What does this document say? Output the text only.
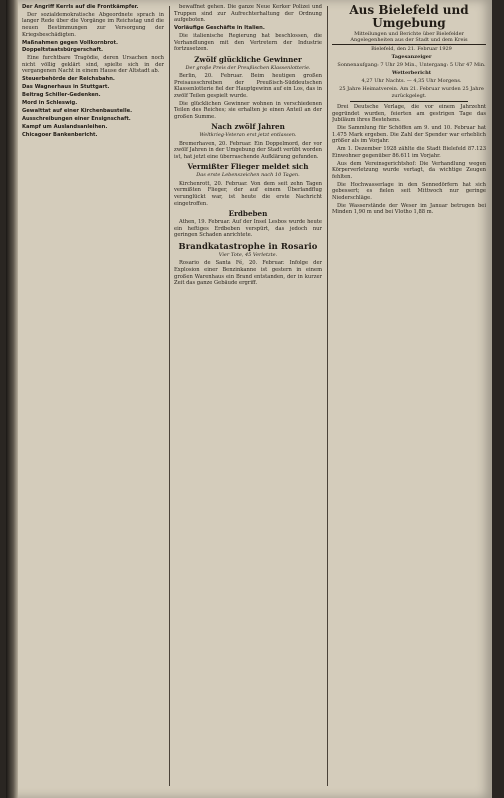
Der Angriff Kerrls auf die Frontkämpfer.

Der sozialdemokratische Abgeordnete sprach in langer Rede über die Vorgänge im Reichstag und die neuen Bestimmungen zur Versorgung der Kriegsbeschädigten.

Maßnahmen gegen Vollkornbrot.

Doppeltstaatsbürgerschaft.

Eine furchtbare Tragödie, deren Ursachen noch nicht völlig geklärt sind, spielte sich in der vergangenen Nacht in einem Hause der Altstadt ab.

Steuerbehörde der Reichsbahn.

Das Wagnerhaus in Stuttgart.

Beitrag Schiller-Gedenken.

Mord in Schleswig.

Gewalttat auf einer Kirchenbaustelle.

Ausschreibungen einer Ensignschaft.

Kampf um Auslandsanleihen.

Chicagoer Bankenbericht.

bewaffnet gehen. Die ganze Neue Kerker Polizei und Truppen sind zur Aufrechterhaltung der Ordnung aufgeboten.

Vorläufige Geschäfte in Italien.

Die italienische Regierung hat beschlossen, die Verhandlungen mit den Vertretern der Industrie fortzusetzen.

Zwölf glückliche Gewinner
Der große Preis der Preußischen Klassenlotterie.

Berlin, 20. Februar. Beim heutigen großen Preisausschreiben der Preußisch-Süddeutschen Klassenlotterie fiel der Hauptgewinn auf ein Los, das in zwölf Teilen gespielt wurde.

Die glücklichen Gewinner wohnen in verschiedenen Teilen des Reiches; sie erhalten je einen Anteil an der großen Summe.

Nach zwölf Jahren
Weltkrieg-Veteran erst jetzt entlassen.

Bremerhaven, 20. Februar. Ein Doppelmord, der vor zwölf Jahren in der Umgebung der Stadt verübt worden ist, hat jetzt eine überraschende Aufklärung gefunden.

Vermißter Flieger meldet sich
Das erste Lebenszeichen nach 10 Tagen.

Kirchenrott, 20. Februar. Von dem seit zehn Tagen vermißten Flieger, der auf einem Überlandflug verunglückt war, ist heute die erste Nachricht eingetroffen.

Erdbeben

Athen, 19. Februar. Auf der Insel Lesbos wurde heute ein heftiges Erdbeben verspürt, das jedoch nur geringen Schaden anrichtete.

Brandkatastrophe in Rosario
Vier Tote, 45 Verletzte.

Rosario de Santa Fé, 20. Februar. Infolge der Explosion einer Benzinkanne ist gestern in einem großen Warenhaus ein Brand entstanden, der in kurzer Zeit das ganze Gebäude ergriff.

Aus Bielefeld und Umgebung
Mitteilungen und Berichte über Bielefelder Angelegenheiten aus der Stadt und dem Kreis

Bielefeld, den 21. Februar 1929

Tagesanzeiger

Sonnenaufgang: 7 Uhr 29 Min., Untergang: 5 Uhr 47 Min.

Wetterbericht

4,27 Uhr Nachts. — 4,35 Uhr Morgens.

25 Jahre Heimatverein. Am 21. Februar wurden 25 Jahre zurückgelegt.

Drei Deutsche Verlage, die vor einem Jahrzehnt gegründet wurden, feierten am gestrigen Tage das Jubiläum ihres Bestehens.

Die Sammlung für Schöffen am 9. und 10. Februar hat 1.475 Mark ergeben. Die Zahl der Spender war erheblich größer als im Vorjahr.

Am 1. Dezember 1928 zählte die Stadt Bielefeld 87.123 Einwohner gegenüber 86.611 im Vorjahr.

Aus dem Vereinsgerichtshof: Die Verhandlung wegen Körperverletzung wurde vertagt, da wichtige Zeugen fehlten.

Die Hochwasserlage in den Sennedörfern hat sich gebessert; es fielen seit Mittwoch nur geringe Niederschläge.

Die Wasserstände der Weser im Januar betrugen bei Minden 1,90 m und bei Vlotho 1,88 m.
